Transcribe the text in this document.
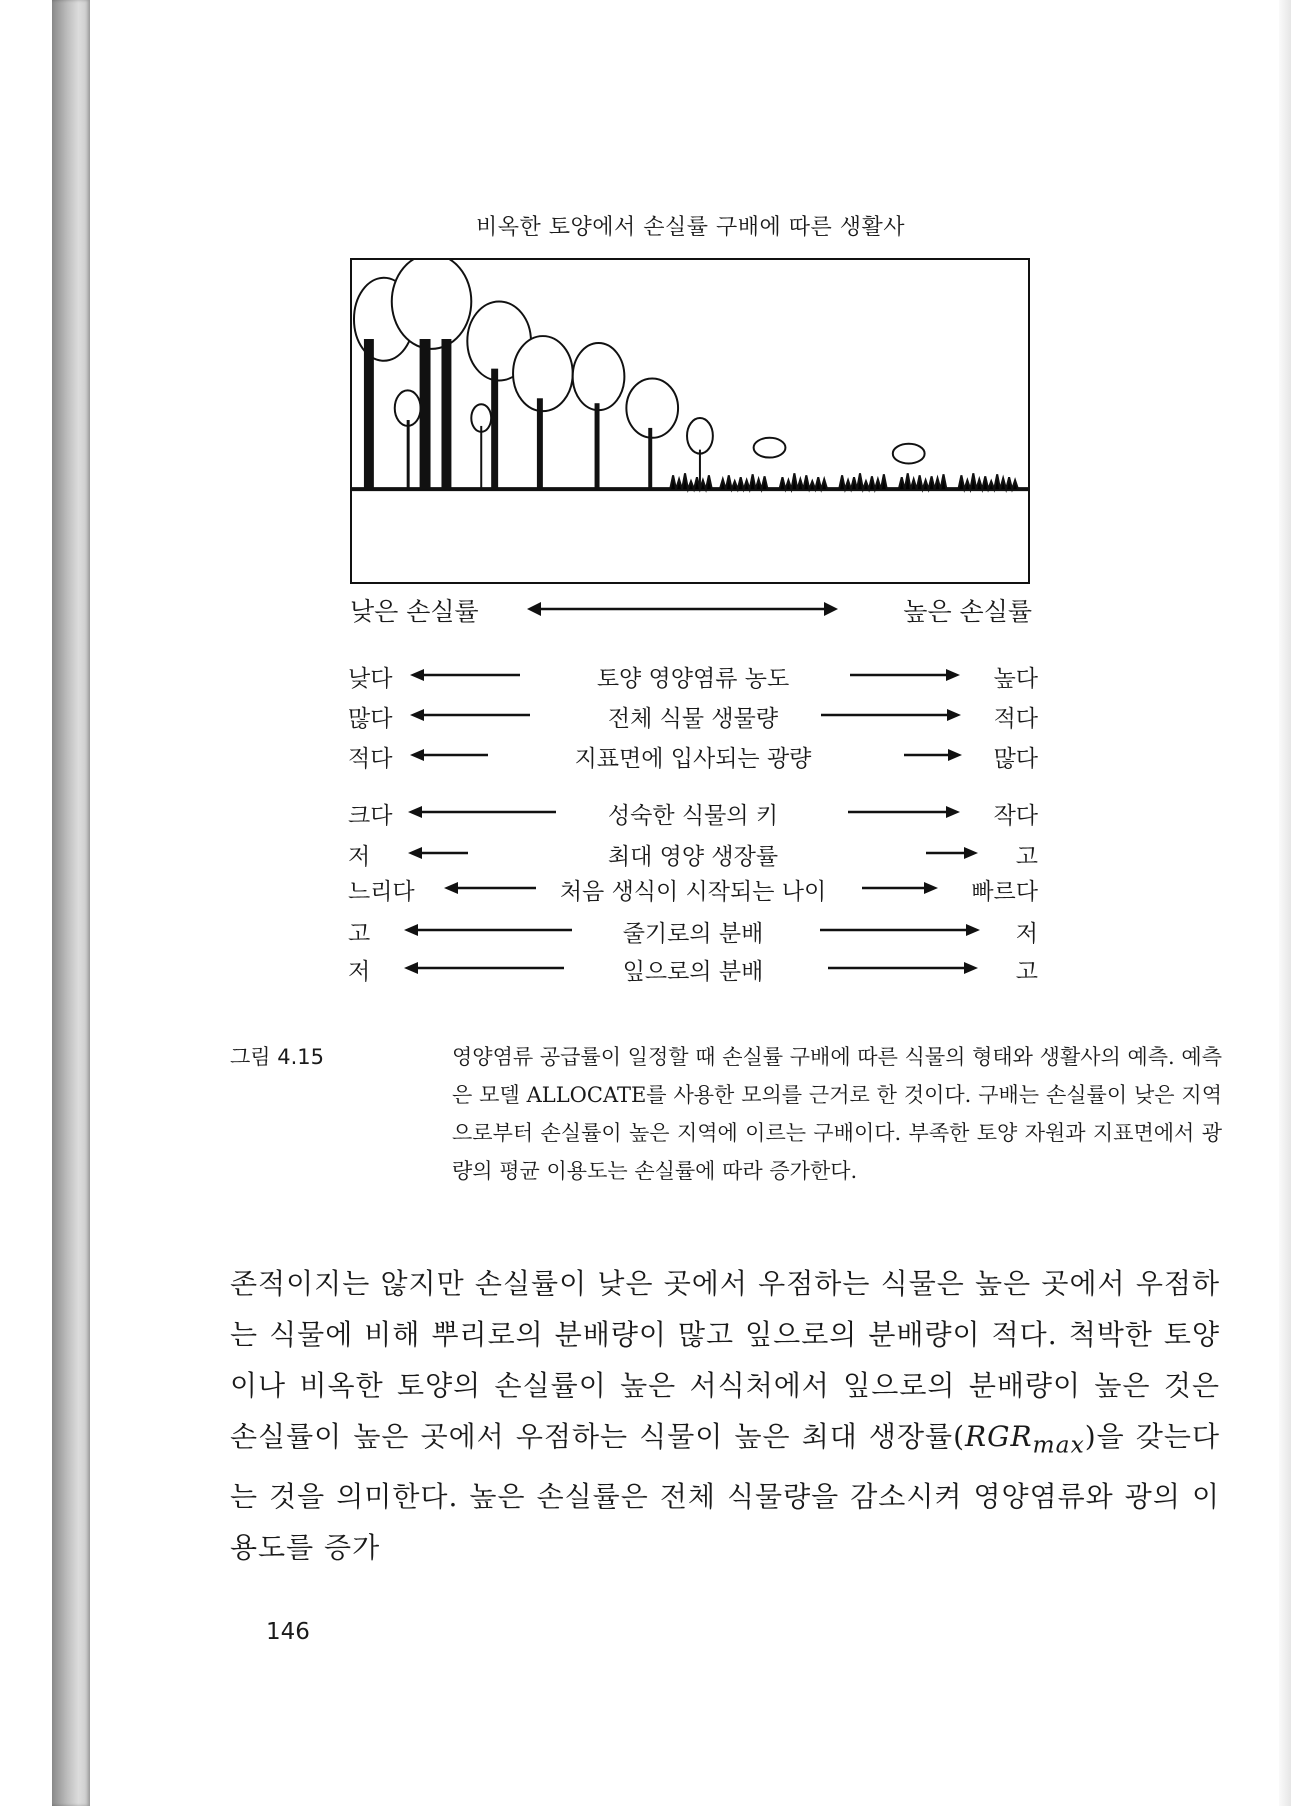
비옥한 토양에서 손실률 구배에 따른 생활사
낮은 손실률	높은 손실률
낮다	토양 영양염류 농도	높다
많다	전체 식물 생물량	적다
적다	지표면에 입사되는 광량	많다
크다	성숙한 식물의 키	작다
저	최대 영양 생장률	고
느리다	처음 생식이 시작되는 나이	빠르다
고	줄기로의 분배	저
저	잎으로의 분배	고
그림 4.15	영양염류 공급률이 일정할 때 손실률 구배에 따른 식물의 형태와 생활사의 예측. 예측은 모델 ALLOCATE를 사용한 모의를 근거로 한 것이다. 구배는 손실률이 낮은 지역으로부터 손실률이 높은 지역에 이르는 구배이다. 부족한 토양 자원과 지표면에서 광량의 평균 이용도는 손실률에 따라 증가한다.
존적이지는 않지만 손실률이 낮은 곳에서 우점하는 식물은 높은 곳에서 우점하는 식물에 비해 뿌리로의 분배량이 많고 잎으로의 분배량이 적다. 척박한 토양이나 비옥한 토양의 손실률이 높은 서식처에서 잎으로의 분배량이 높은 것은 손실률이 높은 곳에서 우점하는 식물이 높은 최대 생장률$(RGR_{max})$을 갖는다는 것을 의미한다. 높은 손실률은 전체 식물량을 감소시켜 영양염류와 광의 이용도를 증가
146
